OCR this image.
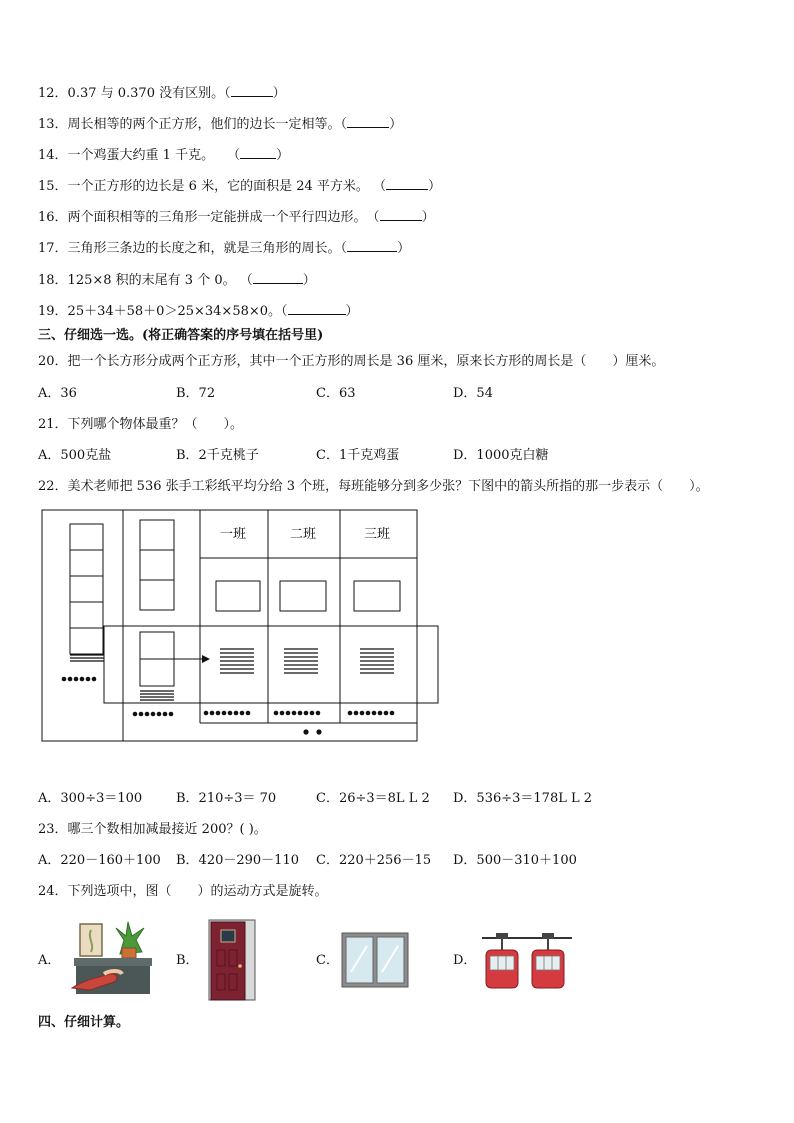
12．0.37 与 0.370 没有区别。（	）
13．周长相等的两个正方形，他们的边长一定相等。（	）
14．一个鸡蛋大约重 1 千克。　　（	）
15．一个正方形的边长是 6 米，它的面积是 24 平方米。 （	）
16．两个面积相等的三角形一定能拼成一个平行四边形。　（	）
17．三角形三条边的长度之和，就是三角形的周长。（	）
18．125×8 积的末尾有 3 个 0。 （	）
19．25＋34＋58＋0＞25×34×58×0。（	）
三、仔细选一选。(将正确答案的序号填在括号里)
20．把一个长方形分成两个正方形，其中一个正方形的周长是 36 厘米，原来长方形的周长是（　　）厘米。
A．36	B．72	C．63	D．54
21．下列哪个物体最重？（　　）。
A．500克盐	B．2千克桃子	C．1千克鸡蛋	D．1000克白糖
22．美术老师把 536 张手工彩纸平均分给 3 个班，每班能够分到多少张？下图中的箭头所指的那一步表示（　　）。
一班	二班	三班
A．300÷3＝100	B．210÷3＝ 70	C．26÷3＝8L L 2 D．536÷3＝178L L 2
23．哪三个数相加减最接近 200？( )。
A．220－160＋100 B．420－290－110 C．220＋256－15 D．500－310＋100
24．下列选项中，图（　　）的运动方式是旋转。
A．	B．	C．	D．
四、仔细计算。
